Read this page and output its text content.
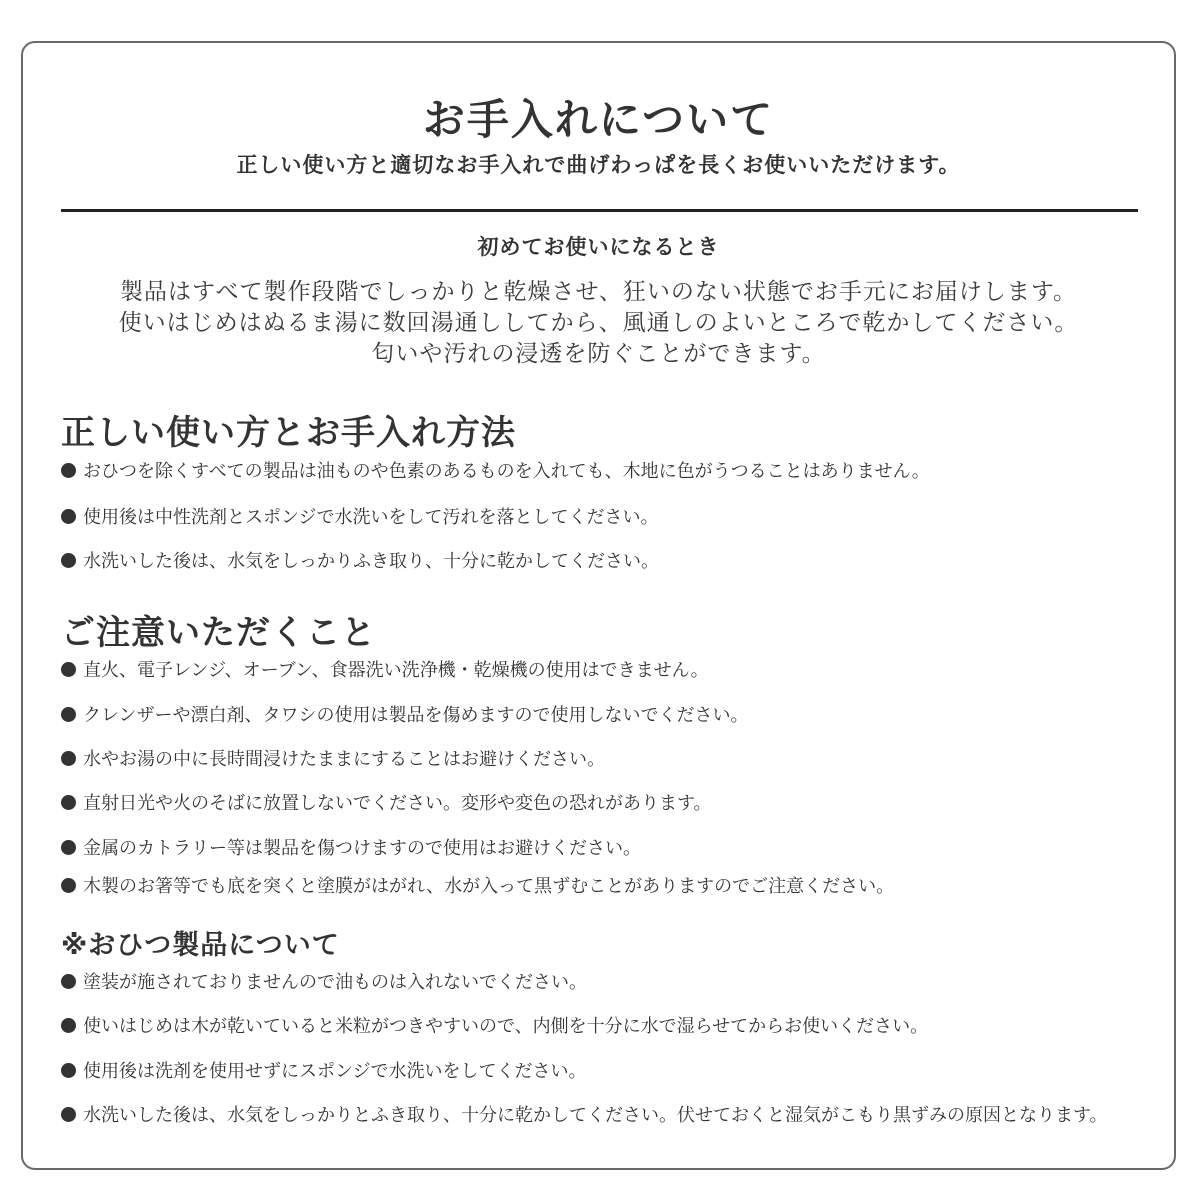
お手入れについて

正しい使い方と適切なお手入れで曲げわっぱを長くお使いいただけます。

初めてお使いになるとき

製品はすべて製作段階でしっかりと乾燥させ、狂いのない状態でお手元にお届けします。
使いはじめはぬるま湯に数回湯通ししてから、風通しのよいところで乾かしてください。
匂いや汚れの浸透を防ぐことができます。

正しい使い方とお手入れ方法
おひつを除くすべての製品は油ものや色素のあるものを入れても、木地に色がうつることはありません。
使用後は中性洗剤とスポンジで水洗いをして汚れを落としてください。
水洗いした後は、水気をしっかりふき取り、十分に乾かしてください。
ご注意いただくこと
直火、電子レンジ、オーブン、食器洗い洗浄機・乾燥機の使用はできません。
クレンザーや漂白剤、タワシの使用は製品を傷めますので使用しないでください。
水やお湯の中に長時間浸けたままにすることはお避けください。
直射日光や火のそばに放置しないでください。変形や変色の恐れがあります。
金属のカトラリー等は製品を傷つけますので使用はお避けください。
木製のお箸等でも底を突くと塗膜がはがれ、水が入って黒ずむことがありますのでご注意ください。
※おひつ製品について
塗装が施されておりませんので油ものは入れないでください。
使いはじめは木が乾いていると米粒がつきやすいので、内側を十分に水で湿らせてからお使いください。
使用後は洗剤を使用せずにスポンジで水洗いをしてください。
水洗いした後は、水気をしっかりとふき取り、十分に乾かしてください。伏せておくと湿気がこもり黒ずみの原因となります。
